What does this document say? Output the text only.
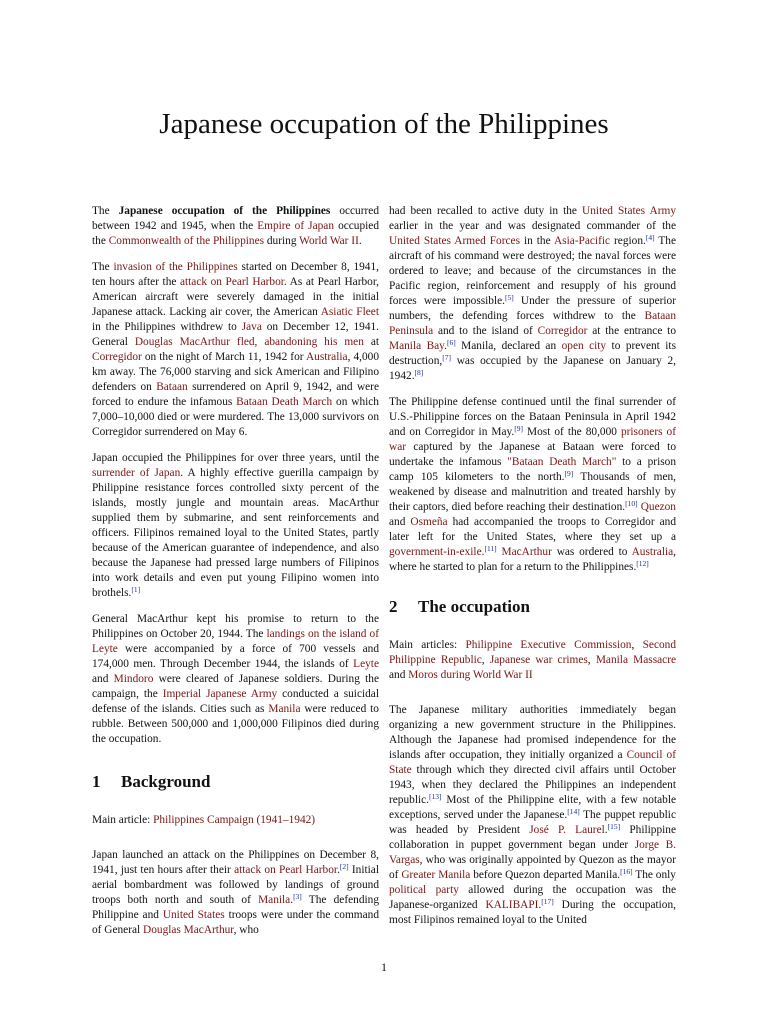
Japanese occupation of the Philippines

The Japanese occupation of the Philippines occurred between 1942 and 1945, when the Empire of Japan occupied the Commonwealth of the Philippines during World War II.

The invasion of the Philippines started on December 8, 1941, ten hours after the attack on Pearl Harbor. As at Pearl Harbor, American aircraft were severely damaged in the initial Japanese attack. Lacking air cover, the American Asiatic Fleet in the Philippines withdrew to Java on December 12, 1941. General Douglas MacArthur fled, abandoning his men at Corregidor on the night of March 11, 1942 for Australia, 4,000 km away. The 76,000 starving and sick American and Filipino defenders on Bataan surrendered on April 9, 1942, and were forced to endure the infamous Bataan Death March on which 7,000–10,000 died or were murdered. The 13,000 survivors on Corregidor surrendered on May 6.

Japan occupied the Philippines for over three years, until the surrender of Japan. A highly effective guerilla campaign by Philippine resistance forces controlled sixty percent of the islands, mostly jungle and mountain areas. MacArthur supplied them by submarine, and sent reinforcements and officers. Filipinos remained loyal to the United States, partly because of the American guarantee of independence, and also because the Japanese had pressed large numbers of Filipinos into work details and even put young Filipino women into brothels.[1]

General MacArthur kept his promise to return to the Philippines on October 20, 1944. The landings on the island of Leyte were accompanied by a force of 700 vessels and 174,000 men. Through December 1944, the islands of Leyte and Mindoro were cleared of Japanese soldiers. During the campaign, the Imperial Japanese Army conducted a suicidal defense of the islands. Cities such as Manila were reduced to rubble. Between 500,000 and 1,000,000 Filipinos died during the occupation.

1 Background

Main article: Philippines Campaign (1941–1942)

Japan launched an attack on the Philippines on December 8, 1941, just ten hours after their attack on Pearl Harbor.[2] Initial aerial bombardment was followed by landings of ground troops both north and south of Manila.[3] The defending Philippine and United States troops were under the command of General Douglas MacArthur, who

had been recalled to active duty in the United States Army earlier in the year and was designated commander of the United States Armed Forces in the Asia-Pacific region.[4] The aircraft of his command were destroyed; the naval forces were ordered to leave; and because of the circumstances in the Pacific region, reinforcement and resupply of his ground forces were impossible.[5] Under the pressure of superior numbers, the defending forces withdrew to the Bataan Peninsula and to the island of Corregidor at the entrance to Manila Bay.[6] Manila, declared an open city to prevent its destruction,[7] was occupied by the Japanese on January 2, 1942.[8]

The Philippine defense continued until the final surrender of U.S.-Philippine forces on the Bataan Peninsula in April 1942 and on Corregidor in May.[9] Most of the 80,000 prisoners of war captured by the Japanese at Bataan were forced to undertake the infamous "Bataan Death March" to a prison camp 105 kilometers to the north.[9] Thousands of men, weakened by disease and malnutrition and treated harshly by their captors, died before reaching their destination.[10] Quezon and Osmeña had accompanied the troops to Corregidor and later left for the United States, where they set up a government-in-exile.[11] MacArthur was ordered to Australia, where he started to plan for a return to the Philippines.[12]

2 The occupation

Main articles: Philippine Executive Commission, Second Philippine Republic, Japanese war crimes, Manila Massacre and Moros during World War II

The Japanese military authorities immediately began organizing a new government structure in the Philippines. Although the Japanese had promised independence for the islands after occupation, they initially organized a Council of State through which they directed civil affairs until October 1943, when they declared the Philippines an independent republic.[13] Most of the Philippine elite, with a few notable exceptions, served under the Japanese.[14] The puppet republic was headed by President José P. Laurel.[15] Philippine collaboration in puppet government began under Jorge B. Vargas, who was originally appointed by Quezon as the mayor of Greater Manila before Quezon departed Manila.[16] The only political party allowed during the occupation was the Japanese-organized KALIBAPI.[17] During the occupation, most Filipinos remained loyal to the United

1
